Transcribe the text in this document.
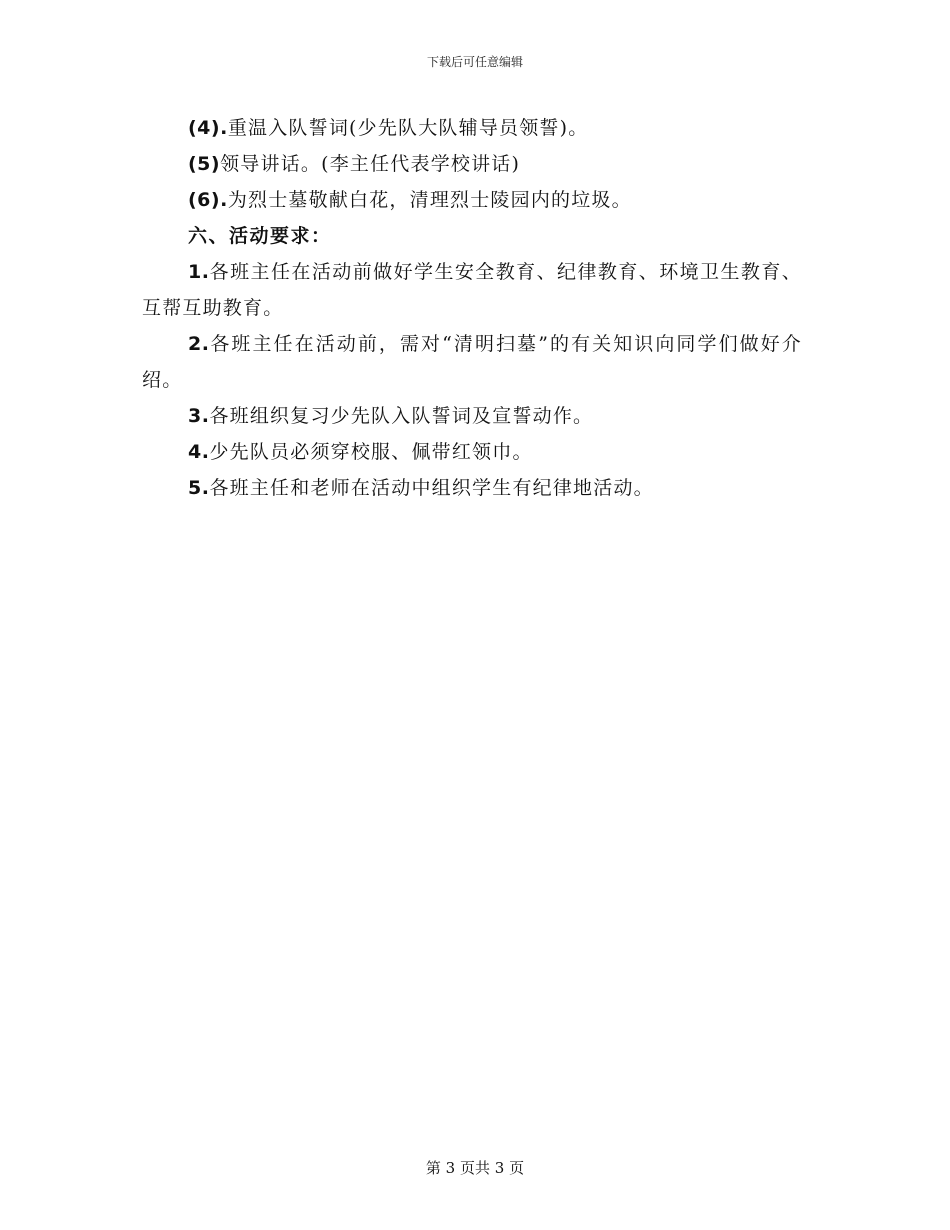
下载后可任意编辑

(4).重温入队誓词(少先队大队辅导员领誓)。

(5)领导讲话。(李主任代表学校讲话)

(6).为烈士墓敬献白花，清理烈士陵园内的垃圾。

六、活动要求：

1.各班主任在活动前做好学生安全教育、纪律教育、环境卫生教育、互帮互助教育。

2.各班主任在活动前，需对“清明扫墓”的有关知识向同学们做好介绍。

3.各班组织复习少先队入队誓词及宣誓动作。

4.少先队员必须穿校服、佩带红领巾。

5.各班主任和老师在活动中组织学生有纪律地活动。

第 3 页共 3 页
